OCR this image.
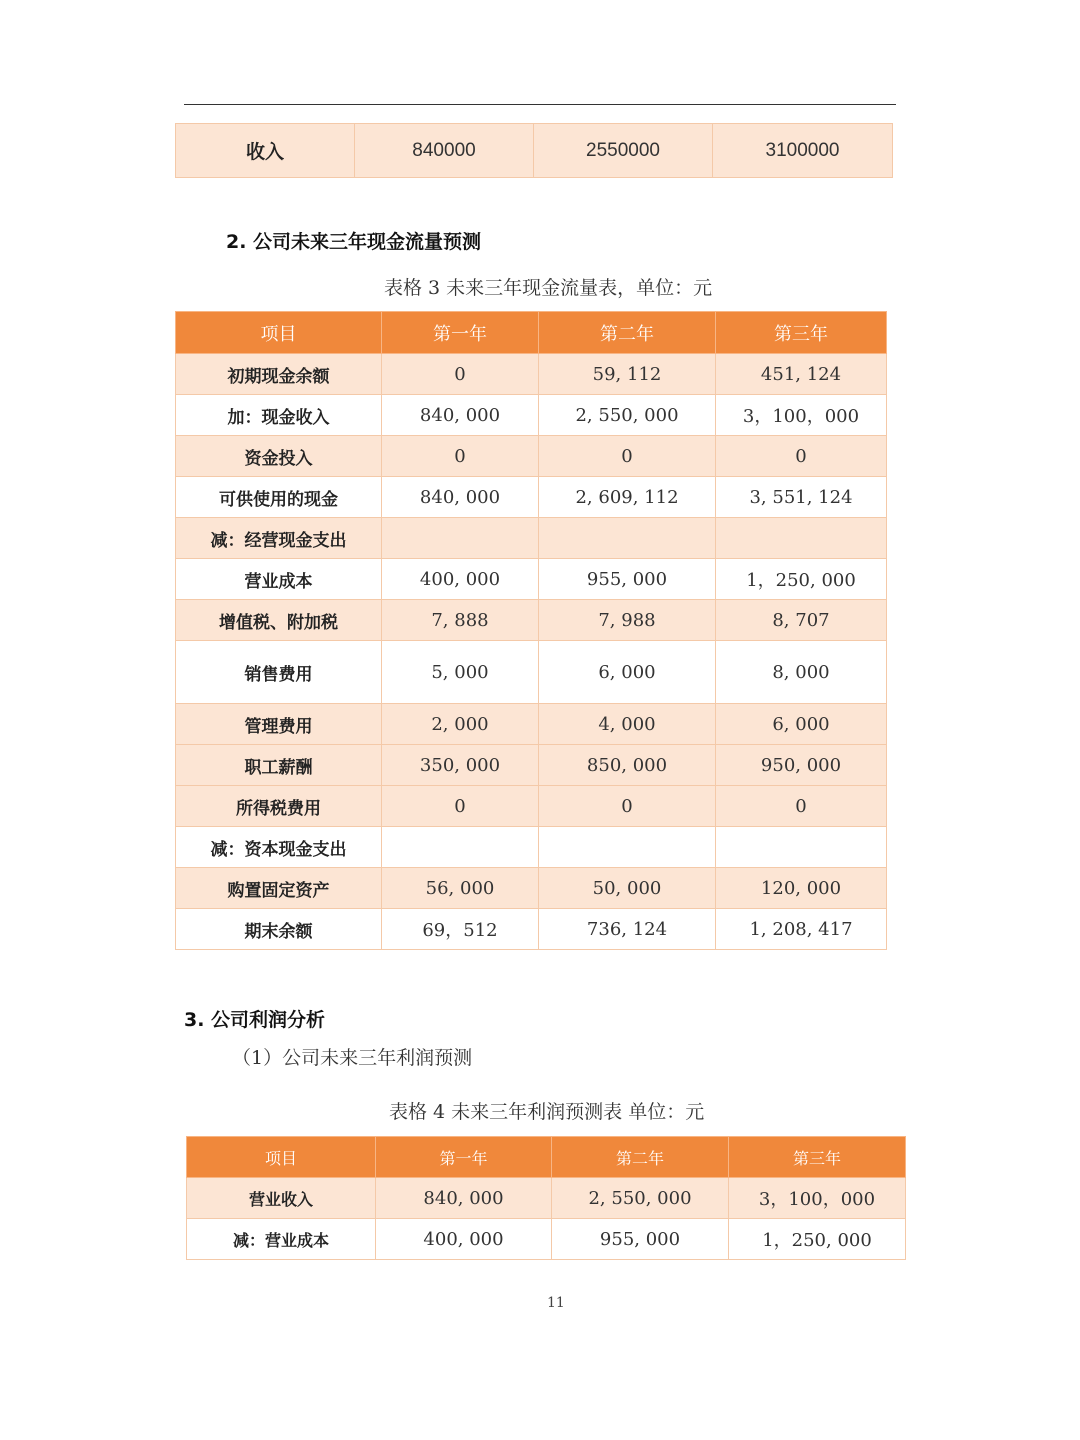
收入	840000	2550000	3100000
2. 公司未来三年现金流量预测
表格 3 未来三年现金流量表，单位：元
项目	第一年	第二年	第三年
初期现金余额	0	59, 112	451, 124
加：现金收入	840, 000	2, 550, 000	3，100，000
资金投入	0	0	0
可供使用的现金	840, 000	2, 609, 112	3, 551, 124
减：经营现金支出			
营业成本	400, 000	955, 000	1，250, 000
增值税、附加税	7, 888	7, 988	8, 707
销售费用	5, 000	6, 000	8, 000
管理费用	2, 000	4, 000	6, 000
职工薪酬	350, 000	850, 000	950, 000
所得税费用	0	0	0
减：资本现金支出			
购置固定资产	56, 000	50, 000	120, 000
期末余额	69，512	736, 124	1, 208, 417
3. 公司利润分析
（1）公司未来三年利润预测
表格 4 未来三年利润预测表 单位：元
项目	第一年	第二年	第三年
营业收入	840, 000	2, 550, 000	3，100，000
减：营业成本	400, 000	955, 000	1，250, 000
11
